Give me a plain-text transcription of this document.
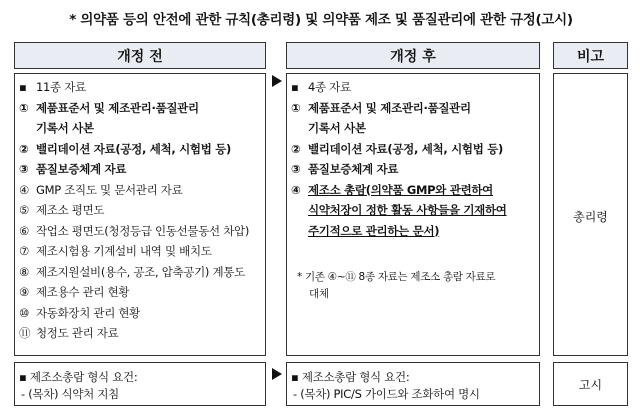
* 의약품 등의 안전에 관한 규칙(총리령) 및 의약품 제조 및 품질관리에 관한 규정(고시)
개정 전	개정 후	비고
▪ 11종 자료
① 제품표준서 및 제조관리·품질관리
기록서 사본
② 밸리데이션 자료(공정, 세척, 시험법 등)
③ 품질보증체계 자료
④ GMP 조직도 및 문서관리 자료
⑤ 제조소 평면도
⑥ 작업소 평면도(청정등급 인동선물동선 차압)
⑦ 제조시험용 기계설비 내역 및 배치도
⑧ 제조지원설비(용수, 공조, 압축공기) 계통도
⑨ 제조용수 관리 현황
⑩ 자동화장치 관리 현황
⑪ 청정도 관리 자료
* 기존 ④~⑪ 8종 자료는 제조소 총람 자료로
대체
▪ 4종 자료
① 제품표준서 및 제조관리·품질관리
기록서 사본
② 밸리데이션 자료(공정, 세척, 시험법 등)
③ 품질보증체계 자료
④ 제조소 총람(의약품 GMP와 관련하여
식약처장이 정한 활동 사항들을 기재하여
주기적으로 관리하는 문서)
총리령
▪ 제조소총람 형식 요건:
- (목차) 식약처 지침
▪ 제조소총람 형식 요건:
- (목차) PIC/S 가이드와 조화하여 명시
고시
